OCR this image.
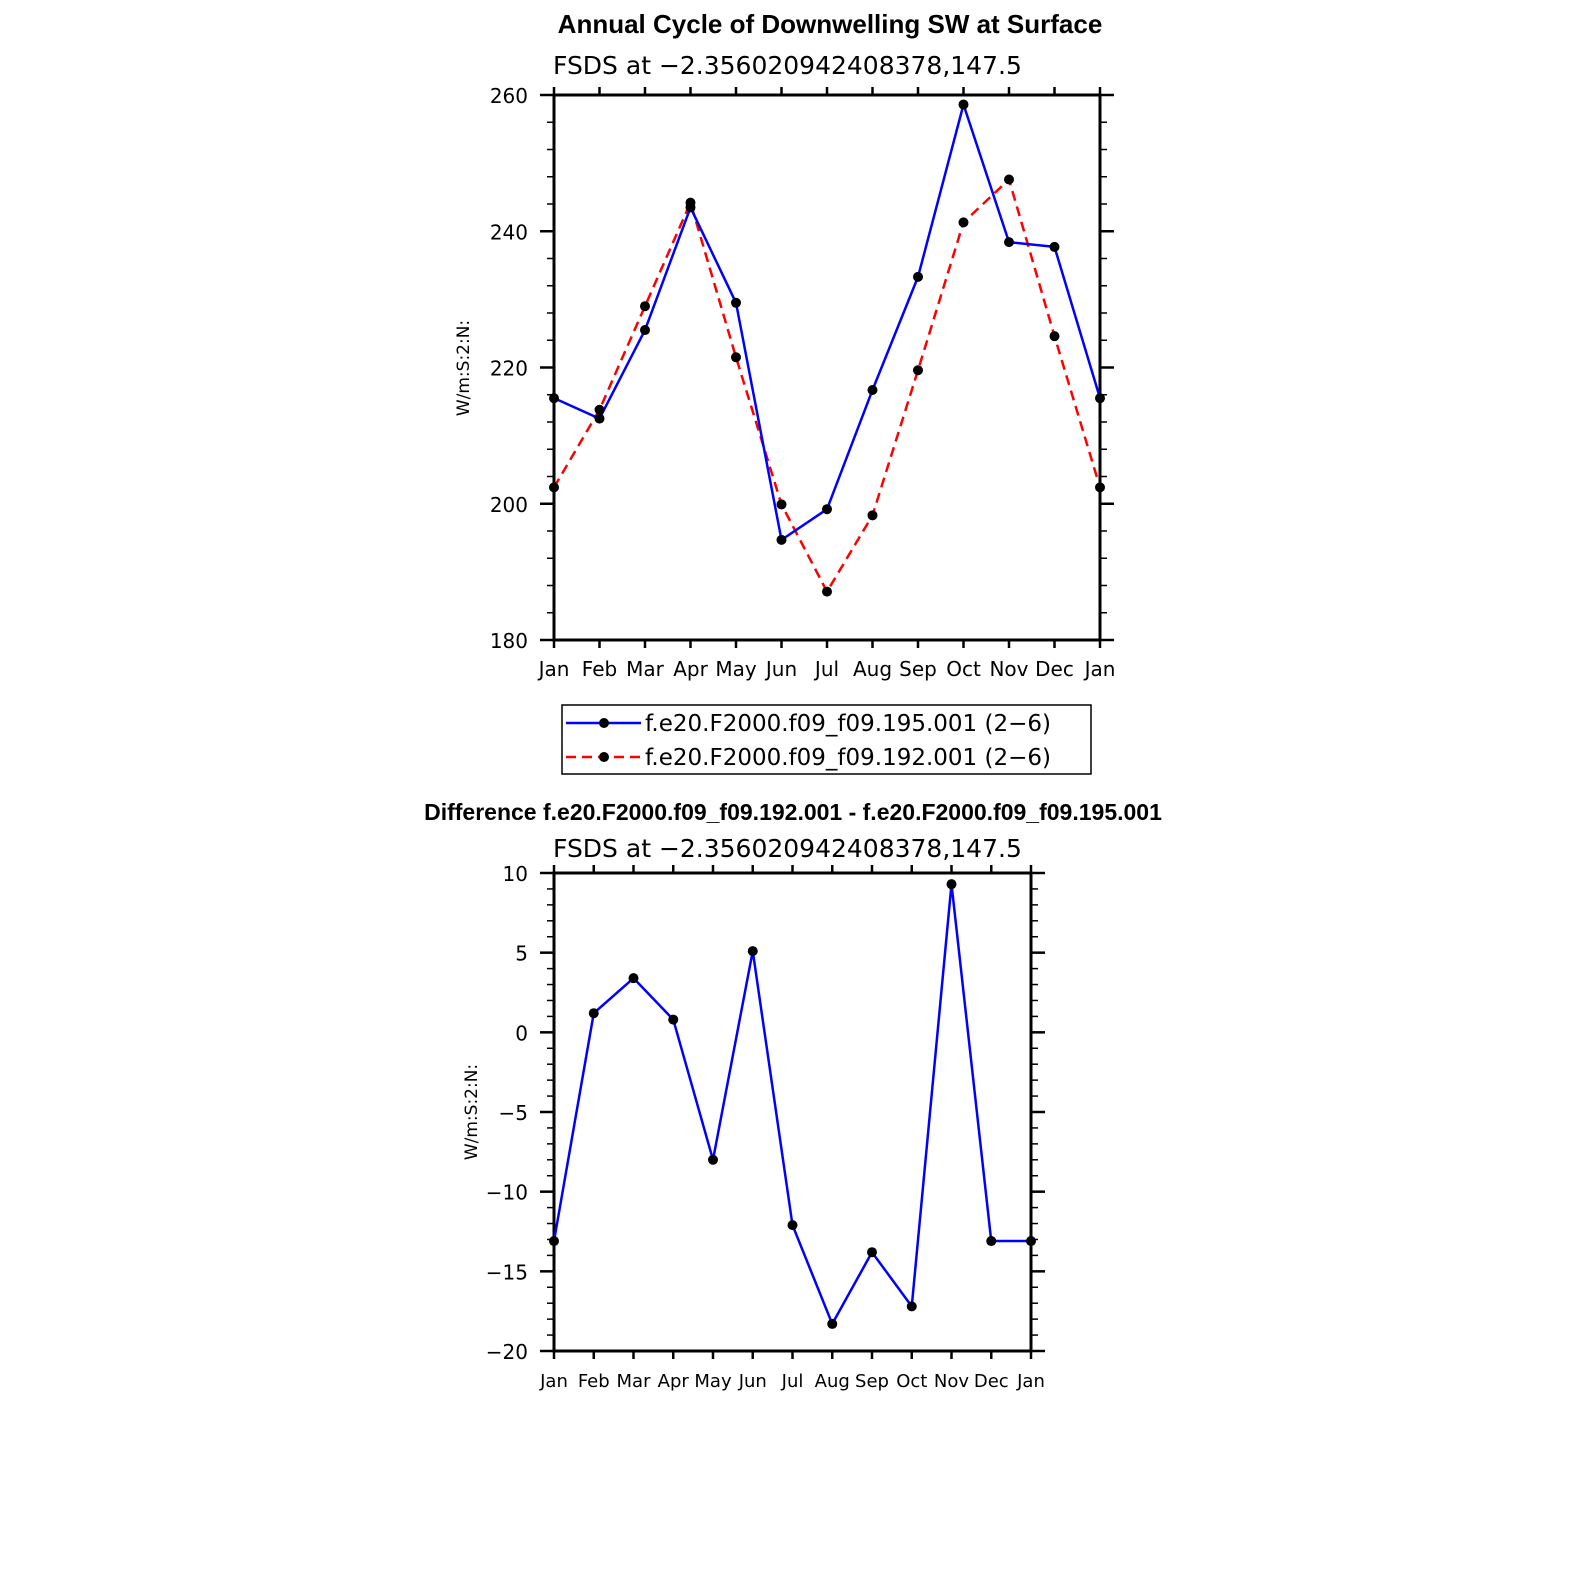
Annual Cycle of Downwelling SW at Surface
FSDS at −2.356020942408378,147.5
W/m:S:2:N:
Jan Feb Mar Apr May Jun Jul Aug Sep Oct Nov Dec Jan
260
240
220
200
180
f.e20.F2000.f09_f09.195.001 (2−6)
f.e20.F2000.f09_f09.192.001 (2−6)
Difference f.e20.F2000.f09_f09.192.001 - f.e20.F2000.f09_f09.195.001
FSDS at −2.356020942408378,147.5
W/m:S:2:N:
Jan Feb Mar Apr May Jun Jul Aug Sep Oct Nov Dec Jan
10
5
0
−5
−10
−15
−20
